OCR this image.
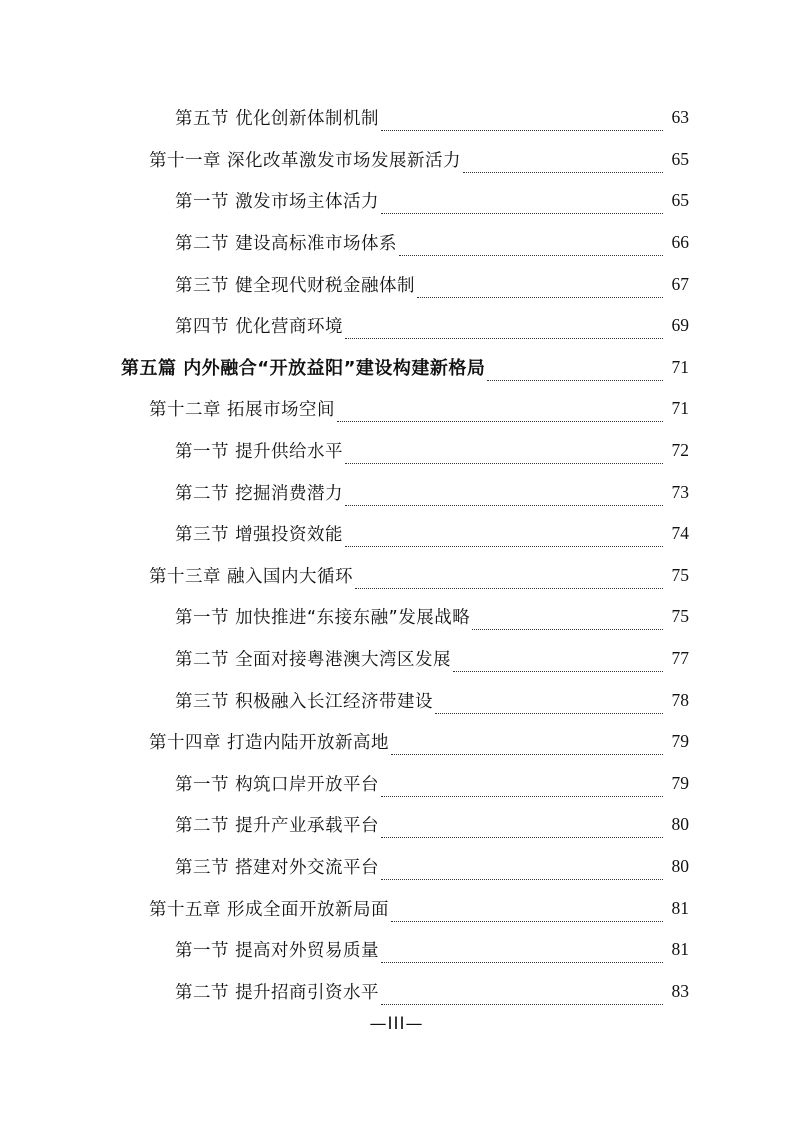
第五节 优化创新体制机制	63
第十一章 深化改革激发市场发展新活力	65
第一节 激发市场主体活力	65
第二节 建设高标准市场体系	66
第三节 健全现代财税金融体制	67
第四节 优化营商环境	69
第五篇 内外融合“开放益阳”建设构建新格局	71
第十二章 拓展市场空间	71
第一节 提升供给水平	72
第二节 挖掘消费潜力	73
第三节 增强投资效能	74
第十三章 融入国内大循环	75
第一节 加快推进“东接东融”发展战略	75
第二节 全面对接粤港澳大湾区发展	77
第三节 积极融入长江经济带建设	78
第十四章 打造内陆开放新高地	79
第一节 构筑口岸开放平台	79
第二节 提升产业承载平台	80
第三节 搭建对外交流平台	80
第十五章 形成全面开放新局面	81
第一节 提高对外贸易质量	81
第二节 提升招商引资水平	83
—III—
